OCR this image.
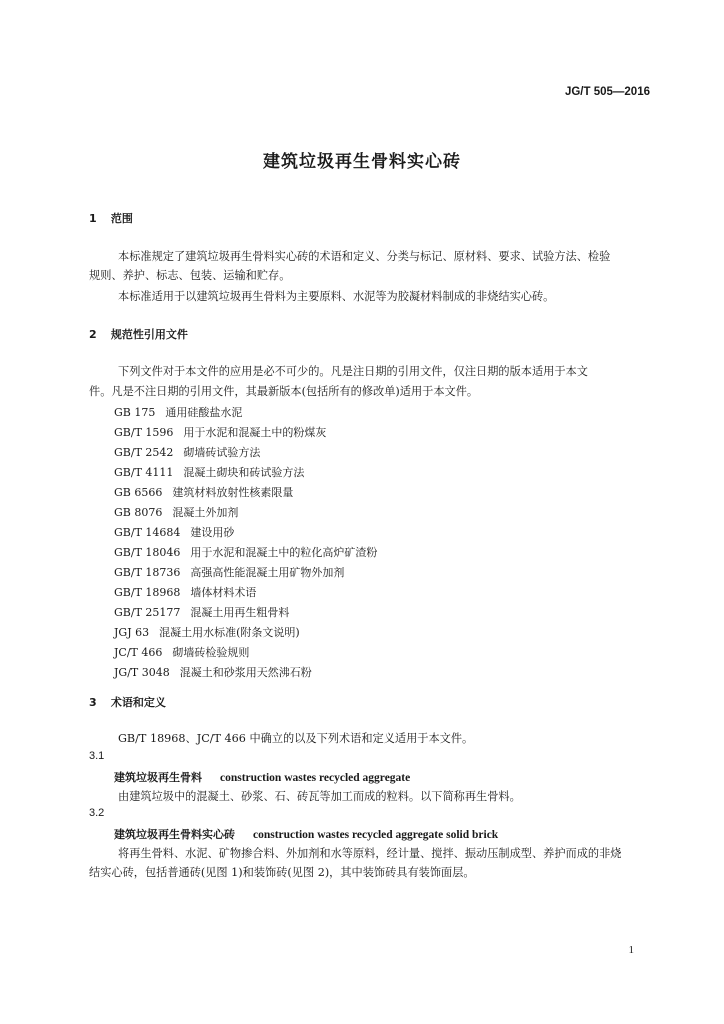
JG/T 505—2016
建筑垃圾再生骨料实心砖
1 范围
本标准规定了建筑垃圾再生骨料实心砖的术语和定义、分类与标记、原材料、要求、试验方法、检验
规则、养护、标志、包装、运输和贮存。
本标准适用于以建筑垃圾再生骨料为主要原料、水泥等为胶凝材料制成的非烧结实心砖。
2 规范性引用文件
下列文件对于本文件的应用是必不可少的。凡是注日期的引用文件，仅注日期的版本适用于本文
件。凡是不注日期的引用文件，其最新版本(包括所有的修改单)适用于本文件。
GB 175 通用硅酸盐水泥
GB/T 1596 用于水泥和混凝土中的粉煤灰
GB/T 2542 砌墙砖试验方法
GB/T 4111 混凝土砌块和砖试验方法
GB 6566 建筑材料放射性核素限量
GB 8076 混凝土外加剂
GB/T 14684 建设用砂
GB/T 18046 用于水泥和混凝土中的粒化高炉矿渣粉
GB/T 18736 高强高性能混凝土用矿物外加剂
GB/T 18968 墙体材料术语
GB/T 25177 混凝土用再生粗骨料
JGJ 63 混凝土用水标准(附条文说明)
JC/T 466 砌墙砖检验规则
JG/T 3048 混凝土和砂浆用天然沸石粉
3 术语和定义
GB/T 18968、JC/T 466 中确立的以及下列术语和定义适用于本文件。
3.1
建筑垃圾再生骨料 construction wastes recycled aggregate
由建筑垃圾中的混凝土、砂浆、石、砖瓦等加工而成的粒料。以下简称再生骨料。
3.2
建筑垃圾再生骨料实心砖 construction wastes recycled aggregate solid brick
将再生骨料、水泥、矿物掺合料、外加剂和水等原料，经计量、搅拌、振动压制成型、养护而成的非烧
结实心砖，包括普通砖(见图 1)和装饰砖(见图 2)，其中装饰砖具有装饰面层。
1
